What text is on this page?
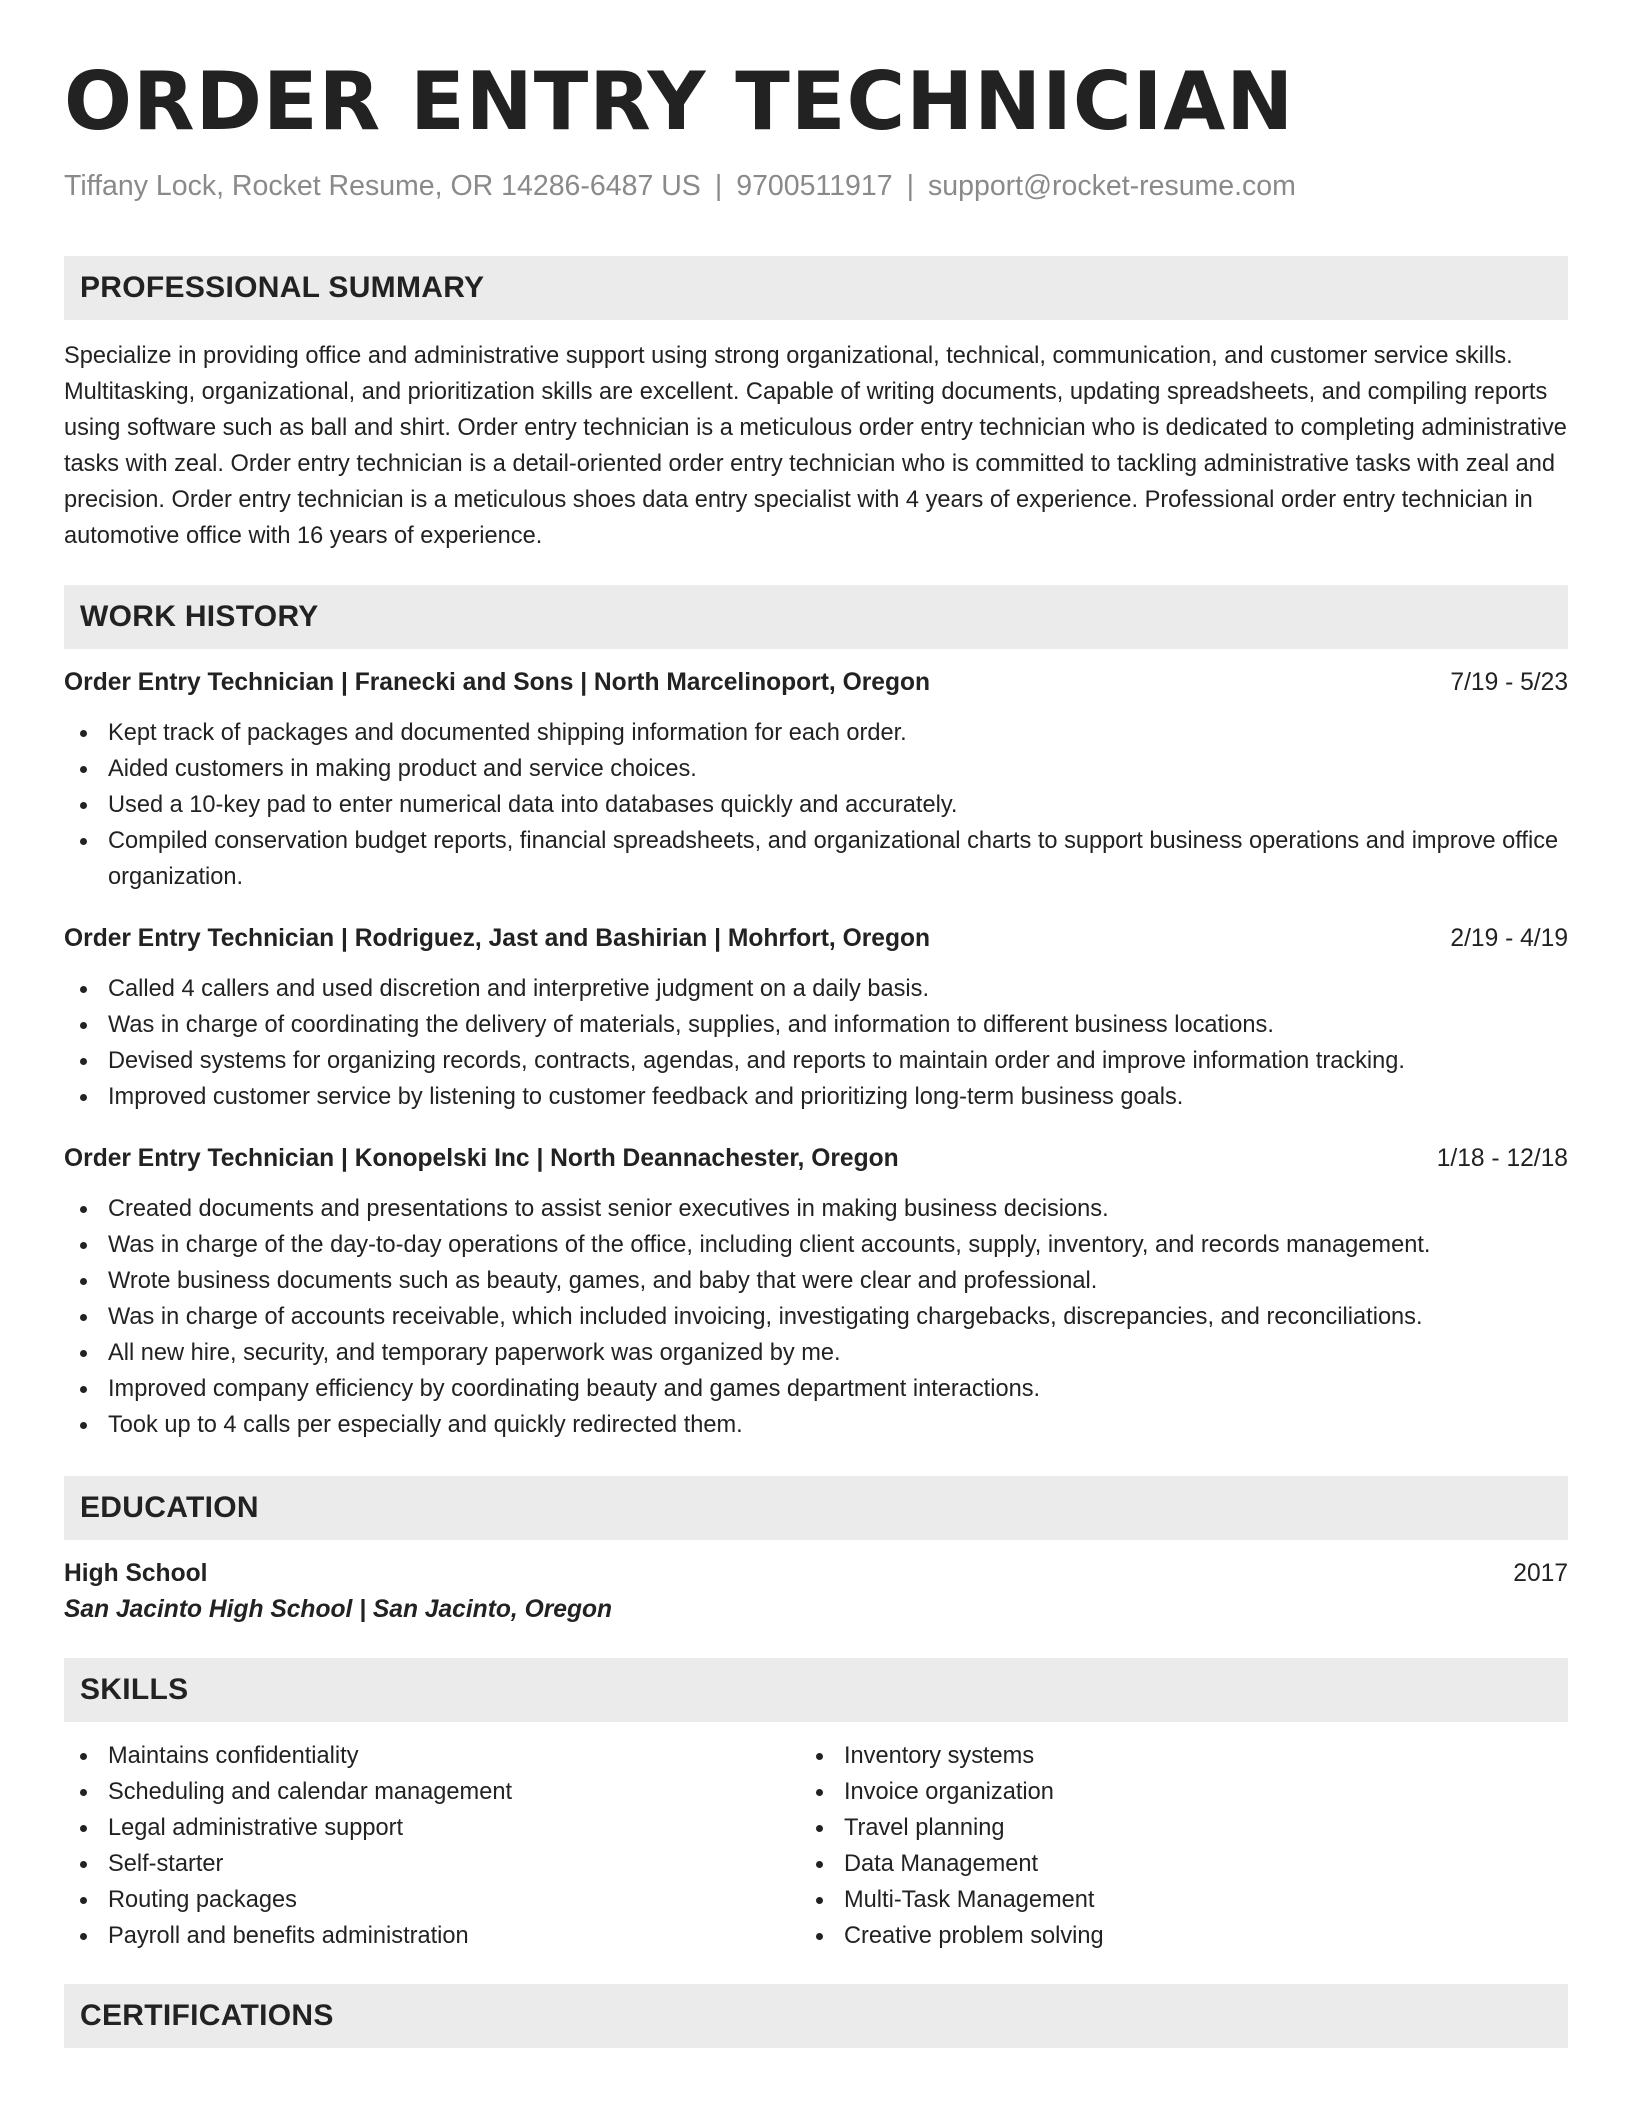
ORDER ENTRY TECHNICIAN
Tiffany Lock, Rocket Resume, OR 14286-6487 US | 9700511917 | support@rocket-resume.com
PROFESSIONAL SUMMARY
Specialize in providing office and administrative support using strong organizational, technical, communication, and customer service skills. Multitasking, organizational, and prioritization skills are excellent. Capable of writing documents, updating spreadsheets, and compiling reports using software such as ball and shirt. Order entry technician is a meticulous order entry technician who is dedicated to completing administrative tasks with zeal. Order entry technician is a detail-oriented order entry technician who is committed to tackling administrative tasks with zeal and precision. Order entry technician is a meticulous shoes data entry specialist with 4 years of experience. Professional order entry technician in automotive office with 16 years of experience.
WORK HISTORY
Order Entry Technician | Franecki and Sons | North Marcelinoport, Oregon	7/19 - 5/23
Kept track of packages and documented shipping information for each order.
Aided customers in making product and service choices.
Used a 10-key pad to enter numerical data into databases quickly and accurately.
Compiled conservation budget reports, financial spreadsheets, and organizational charts to support business operations and improve office organization.
Order Entry Technician | Rodriguez, Jast and Bashirian | Mohrfort, Oregon	2/19 - 4/19
Called 4 callers and used discretion and interpretive judgment on a daily basis.
Was in charge of coordinating the delivery of materials, supplies, and information to different business locations.
Devised systems for organizing records, contracts, agendas, and reports to maintain order and improve information tracking.
Improved customer service by listening to customer feedback and prioritizing long-term business goals.
Order Entry Technician | Konopelski Inc | North Deannachester, Oregon	1/18 - 12/18
Created documents and presentations to assist senior executives in making business decisions.
Was in charge of the day-to-day operations of the office, including client accounts, supply, inventory, and records management.
Wrote business documents such as beauty, games, and baby that were clear and professional.
Was in charge of accounts receivable, which included invoicing, investigating chargebacks, discrepancies, and reconciliations.
All new hire, security, and temporary paperwork was organized by me.
Improved company efficiency by coordinating beauty and games department interactions.
Took up to 4 calls per especially and quickly redirected them.
EDUCATION
High School	2017
San Jacinto High School | San Jacinto, Oregon
SKILLS
Maintains confidentiality
Scheduling and calendar management
Legal administrative support
Self-starter
Routing packages
Payroll and benefits administration
Inventory systems
Invoice organization
Travel planning
Data Management
Multi-Task Management
Creative problem solving
CERTIFICATIONS
